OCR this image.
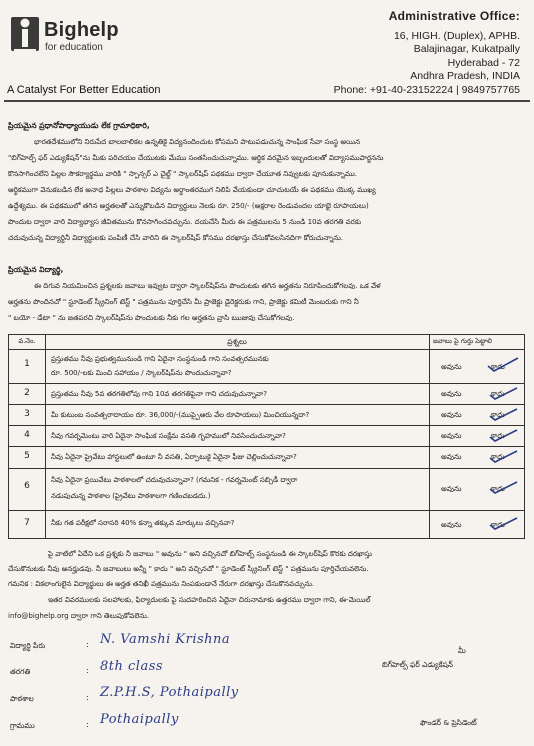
Bighelp
for education
A Catalyst For Better Education
Administrative Office:
16, HIGH. (Duplex), APHB.
Balajinagar, Kukatpally
Hyderabad - 72
Andhra Pradesh, INDIA
Phone: +91-40-23152224 | 9849757765
ప్రియమైన ప్రధానోపాధ్యాయుడు లేక గ్రామాధికారి,
భారతదేశములోని నిరుపేద బాలబాలికల ఉన్నతికై విద్యనందించుట కోసమని పాటుపడుచున్న సాంఘిక సేవా సంస్థ అయిన
"బిగ్‌హెల్ప్ ఫర్ ఎడ్యుకేషన్"ను మీకు పరిచయం చేయుటకు మేము సంతసించుచున్నాము. ఆర్థిక వరమైన ఇబ్బందులతో విద్యాసముపార్జనను
కొనసాగించలేని పిల్లల సౌకర్యార్థము వారికి " స్పాన్సర్ ఎ చైల్డ్ " స్కాలర్‌షిప్ పథకము ద్వారా చేయూత నివ్వుటకు పూనుకున్నాము.
ఆర్థికముగా వెనుకబడిన లేక అనాధ పిల్లలు పాఠశాల విద్యను అర్థాంతరముగ నిలిపి వేయకుండా చూచుటయే ఈ పథకము యొక్క ముఖ్య
ఉద్దేశ్యము. ఈ పథకములో తగిన అర్హతలతో ఎన్నుకొబడిన విద్యార్థులు నెలకు రూ. 250/- (అక్షరాల రెండువందల యాభై రూపాయలు)
పొందుట ద్వారా వారి విద్యాభ్యాస జీవితమును కొనసాగించవచ్చును. దయచేసి మీరు ఈ పత్రములను 5 నుండి 10వ తరగతి వరకు
చదువుచున్న విద్యార్థినీ విద్యార్థులకు పంపిణీ చేసి వారిని ఈ స్కాలర్‌షిప్ కోసము దరఖాస్తు చేసుకోవలసినదిగా కోరుచున్నాను.
ప్రియమైన విద్యార్థి,
ఈ దిగువ నియమించిన ప్రశ్నలకు జవాబు ఇవ్వుట ద్వారా స్కాలర్‌షిప్‌ను పొందుటకు తగిన అర్హతను నిరూపించుకోగలవు. ఒక వేళ
అర్హతను పొందినచో " స్టూడెంట్ స్క్రీనింగ్ టెస్ట్ " పత్రమును పూర్తిచేసి మీ ప్రాజెక్టు డైరెక్టరుకు గాని, ప్రాజెక్టు కమిటీ మెంబరుకు గాని నీ
" బయో - డేటా " ను జతపరచి స్కాలర్‌షిప్‌ను పొందుటకు నీకు గల అర్హతను వ్రాసి ఋజువు చేసుకోగలవు.
వ.నెం.	ప్రశ్నలు	జవాబు పై గుర్తు పెట్టాలి
1	ప్రస్తుతము నీవు ప్రభుత్వమునుండి గాని ఏదైనా సంస్థనుండి గాని సంవత్సరమునకు
రూ. 500/-లకు మించి సహాయం / స్కాలర్‌షిప్‌ను పొందుచున్నావా?
అవును	కాదు
2	ప్రస్తుతము నీవు 5వ తరగతిలోపు గాని 10వ తరగతిపైనా గాని చదువుచున్నావా?	అవును	కాదు
3	మీ కుటుంబ సంవత్సరాదాయం రూ. 36,000/-(ముప్పైఆరు వేల రూపాయలు) మించియున్నదా?	అవును	కాదు
4	నీవు గవర్నమెంటు వారి ఏదైనా సాంఘిక సంక్షేమ వసతి గృహములో నివసించుచున్నావా?	అవును	కాదు
5	నీవు ఏదైనా ప్రైవేటు హాస్టలులో ఉంటూ నీ వసతి, ఏర్పాటుకై ఏదైనా ఫీజు చెల్లించుచున్నావా?	అవును	కాదు
6
నీవు ఏదైనా ప్రయివేటు పాఠశాలలో చదువుచున్నావా? (గమనిక - గవర్నమెంట్ సబ్సిడీ ద్వారా
నడుపుచున్న పాఠశాల (ప్రైవేటు పాఠశాలగా గణించబడదు.)
అవును	కాదు
7	నీకు గత పరీక్షలో సరాసరి 40% కన్నా తక్కువ మార్కులు వచ్చినవా?	అవును	కాదు
పై వాటిలో ఏదేని ఒక ప్రశ్నకు నీ జవాబు " అవును " అని వచ్చినచో బిగ్‌హెల్ప్ సంస్థనుండి ఈ స్కాలర్‌షిప్ కొరకు దరఖాస్తు
చేసుకొనుటకు నీవు అనర్హుడవు. నీ జవాబులు అన్నీ " కాదు " అని వచ్చినచో " స్టూడెంట్ స్క్రీనింగ్ టెస్ట్ " పత్రమును పూర్తిచేయవలెను.
గమనిక : వికలాంగులైన విద్యార్థులు ఈ అర్హత తనిఖీ పత్రమును నింపకుండానే నేరుగా దరఖాస్తు చేసుకొనవచ్చును.
ఇతర వివరములకు సలహాలకు, ఫిర్యాదులకు పై సుదహరించిన ఏదైనా చిరునామాకు ఉత్తరము ద్వారా గాని, ఈ-మెయిల్
info@bighelp.org ద్వారా గాని తెలుపుకోవలెను.
విద్యార్థి పేరు	: N. Vamshi Krishna
తరగతి	: 8th class
పాఠశాల	: Z.P.H.S, Pothaipally
గ్రామము	: Pothaipally
మీ
బిగ్‌హెల్ప్ ఫర్ ఎడ్యుకేషన్
ఫౌండర్ & ప్రెసిడెంట్
